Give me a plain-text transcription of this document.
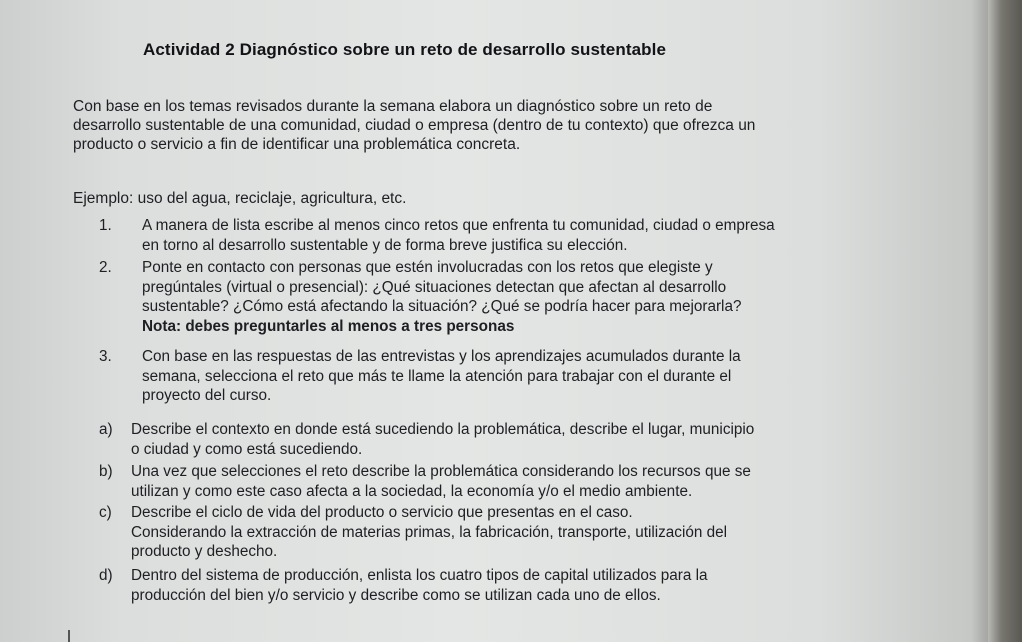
Actividad 2 Diagnóstico sobre un reto de desarrollo sustentable
Con base en los temas revisados durante la semana elabora un diagnóstico sobre un reto de
desarrollo sustentable de una comunidad, ciudad o empresa (dentro de tu contexto) que ofrezca un
producto o servicio a fin de identificar una problemática concreta.
Ejemplo: uso del agua, reciclaje, agricultura, etc.
1.	A manera de lista escribe al menos cinco retos que enfrenta tu comunidad, ciudad o empresa
en torno al desarrollo sustentable y de forma breve justifica su elección.
2.	Ponte en contacto con personas que estén involucradas con los retos que elegiste y
pregúntales (virtual o presencial): ¿Qué situaciones detectan que afectan al desarrollo
sustentable? ¿Cómo está afectando la situación? ¿Qué se podría hacer para mejorarla?
Nota: debes preguntarles al menos a tres personas
3.	Con base en las respuestas de las entrevistas y los aprendizajes acumulados durante la
semana, selecciona el reto que más te llame la atención para trabajar con el durante el
proyecto del curso.
a)	Describe el contexto en donde está sucediendo la problemática, describe el lugar, municipio
o ciudad y como está sucediendo.
b)	Una vez que selecciones el reto describe la problemática considerando los recursos que se
utilizan y como este caso afecta a la sociedad, la economía y/o el medio ambiente.
c)	Describe el ciclo de vida del producto o servicio que presentas en el caso.
Considerando la extracción de materias primas, la fabricación, transporte, utilización del
producto y deshecho.
d)	Dentro del sistema de producción, enlista los cuatro tipos de capital utilizados para la
producción del bien y/o servicio y describe como se utilizan cada uno de ellos.
